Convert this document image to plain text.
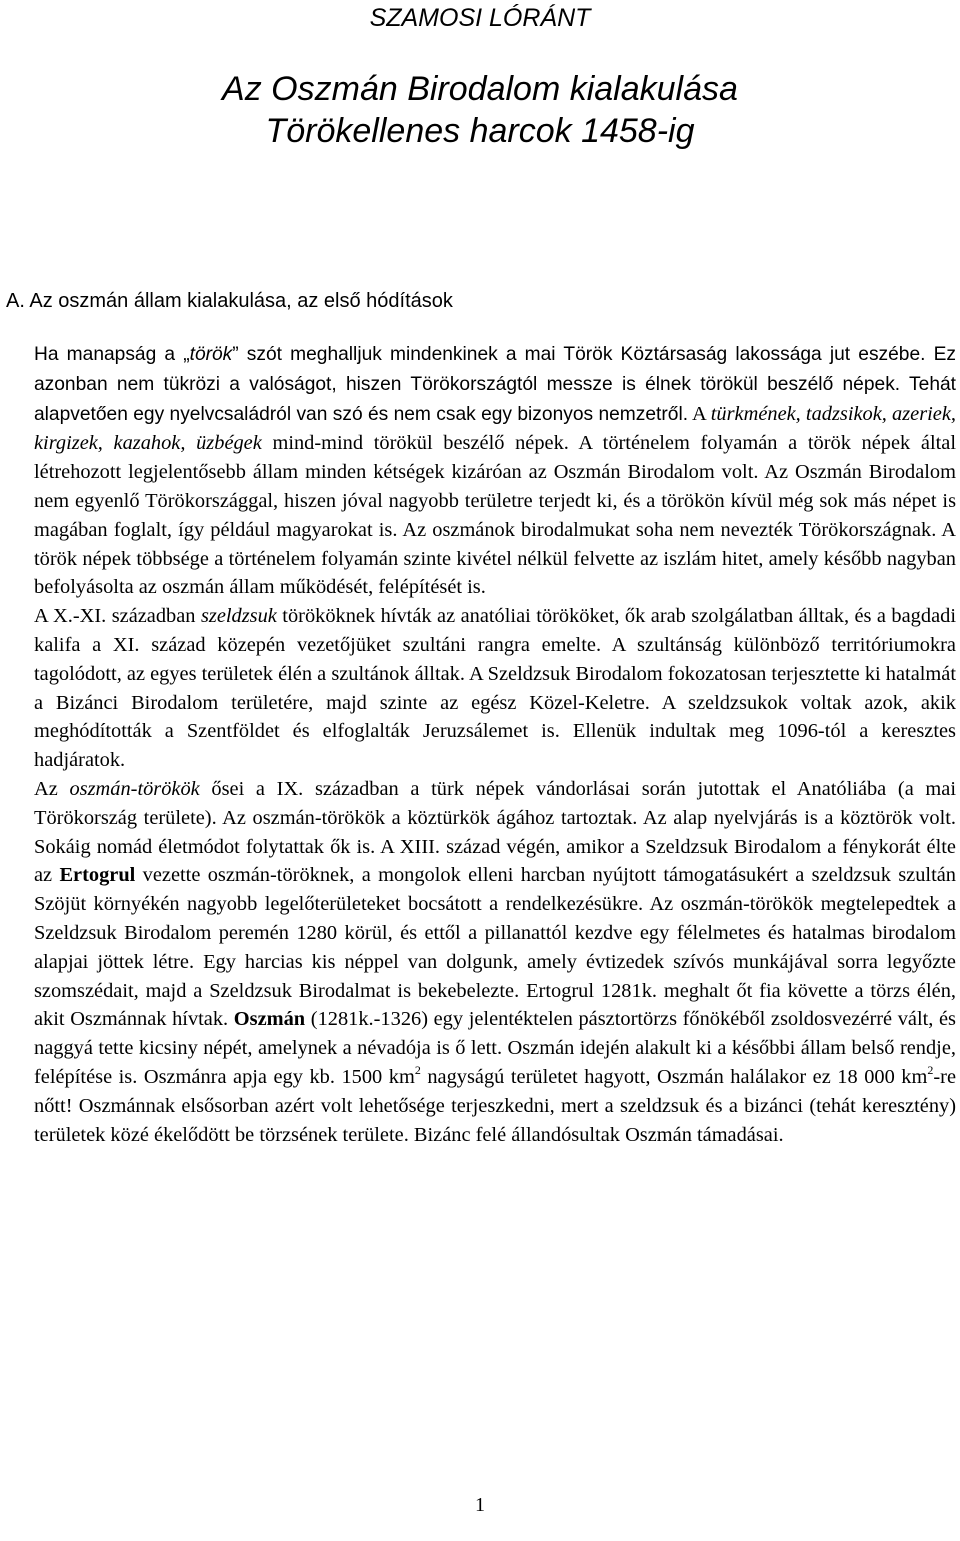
SZAMOSI LÓRÁNT
Az Oszmán Birodalom kialakulása
Törökellenes harcok 1458-ig
A. Az oszmán állam kialakulása, az első hódítások

Ha manapság a „török” szót meghalljuk mindenkinek a mai Török Köztársaság lakossága jut eszébe. Ez azonban nem tükrözi a valóságot, hiszen Törökországtól messze is élnek törökül beszélő népek. Tehát alapvetően egy nyelvcsaládról van szó és nem csak egy bizonyos nemzetről. A türkmének, tadzsikok, azeriek, kirgizek, kazahok, üzbégek mind-mind törökül beszélő népek. A történelem folyamán a török népek által létrehozott legjelentősebb állam minden kétségek kizáróan az Oszmán Birodalom volt. Az Oszmán Birodalom nem egyenlő Törökországgal, hiszen jóval nagyobb területre terjedt ki, és a törökön kívül még sok más népet is magában foglalt, így például magyarokat is. Az oszmánok birodalmukat soha nem nevezték Törökországnak. A török népek többsége a történelem folyamán szinte kivétel nélkül felvette az iszlám hitet, amely később nagyban befolyásolta az oszmán állam működését, felépítését is.

A X.-XI. században szeldzsuk törököknek hívták az anatóliai törököket, ők arab szolgálatban álltak, és a bagdadi kalifa a XI. század közepén vezetőjüket szultáni rangra emelte. A szultánság különböző territóriumokra tagolódott, az egyes területek élén a szultánok álltak. A Szeldzsuk Birodalom fokozatosan terjesztette ki hatalmát a Bizánci Birodalom területére, majd szinte az egész Közel-Keletre. A szeldzsukok voltak azok, akik meghódították a Szentföldet és elfoglalták Jeruzsálemet is. Ellenük indultak meg 1096-tól a keresztes hadjáratok.

Az oszmán-törökök ősei a IX. században a türk népek vándorlásai során jutottak el Anatóliába (a mai Törökország területe). Az oszmán-törökök a köztürkök ágához tartoztak. Az alap nyelvjárás is a köztörök volt. Sokáig nomád életmódot folytattak ők is. A XIII. század végén, amikor a Szeldzsuk Birodalom a fénykorát élte az Ertogrul vezette oszmán-töröknek, a mongolok elleni harcban nyújtott támogatásukért a szeldzsuk szultán Szöjüt környékén nagyobb legelőterületeket bocsátott a rendelkezésükre. Az oszmán-törökök megtelepedtek a Szeldzsuk Birodalom peremén 1280 körül, és ettől a pillanattól kezdve egy félelmetes és hatalmas birodalom alapjai jöttek létre. Egy harcias kis néppel van dolgunk, amely évtizedek szívós munkájával sorra legyőzte szomszédait, majd a Szeldzsuk Birodalmat is bekebelezte. Ertogrul 1281k. meghalt őt fia követte a törzs élén, akit Oszmánnak hívtak. Oszmán (1281k.-1326) egy jelentéktelen pásztortörzs főnökéből zsoldosvezérré vált, és naggyá tette kicsiny népét, amelynek a névadója is ő lett. Oszmán idején alakult ki a későbbi állam belső rendje, felépítése is. Oszmánra apja egy kb. 1500 $km^2$ nagyságú területet hagyott, Oszmán halálakor ez 18 000 $km^2-re$ nőtt! Oszmánnak elsősorban azért volt lehetősége terjeszkedni, mert a szeldzsuk és a bizánci (tehát keresztény) területek közé ékelődött be törzsének területe. Bizánc felé állandósultak Oszmán támadásai.

1
